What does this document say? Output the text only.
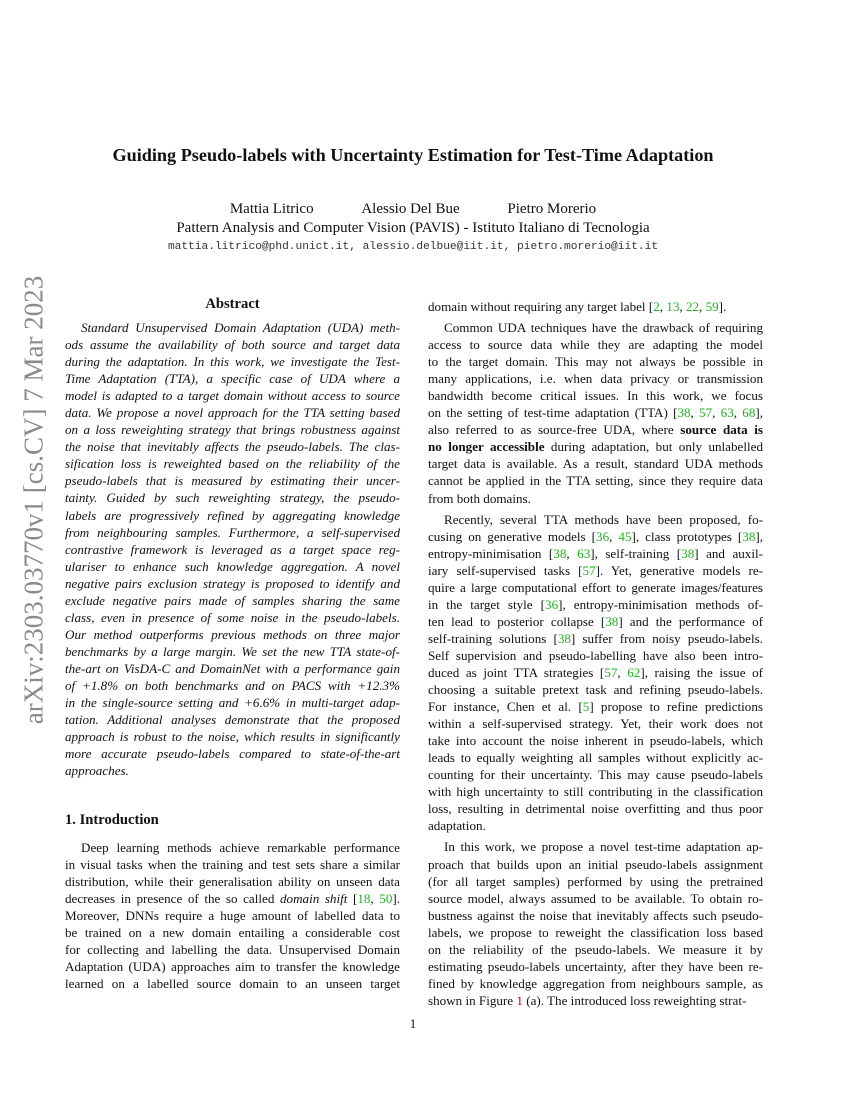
arXiv:2303.03770v1 [cs.CV] 7 Mar 2023
Guiding Pseudo-labels with Uncertainty Estimation for Test-Time Adaptation
Mattia Litrico	Alessio Del Bue	Pietro Morerio
Pattern Analysis and Computer Vision (PAVIS) - Istituto Italiano di Tecnologia
mattia.litrico@phd.unict.it, alessio.delbue@iit.it, pietro.morerio@iit.it
Abstract
Standard Unsupervised Domain Adaptation (UDA) meth-
ods assume the availability of both source and target data
during the adaptation. In this work, we investigate the Test-
Time Adaptation (TTA), a specific case of UDA where a
model is adapted to a target domain without access to source
data. We propose a novel approach for the TTA setting based
on a loss reweighting strategy that brings robustness against
the noise that inevitably affects the pseudo-labels. The clas-
sification loss is reweighted based on the reliability of the
pseudo-labels that is measured by estimating their uncer-
tainty. Guided by such reweighting strategy, the pseudo-
labels are progressively refined by aggregating knowledge
from neighbouring samples. Furthermore, a self-supervised
contrastive framework is leveraged as a target space reg-
ulariser to enhance such knowledge aggregation. A novel
negative pairs exclusion strategy is proposed to identify and
exclude negative pairs made of samples sharing the same
class, even in presence of some noise in the pseudo-labels.
Our method outperforms previous methods on three major
benchmarks by a large margin. We set the new TTA state-of-
the-art on VisDA-C and DomainNet with a performance gain
of +1.8% on both benchmarks and on PACS with +12.3%
in the single-source setting and +6.6% in multi-target adap-
tation. Additional analyses demonstrate that the proposed
approach is robust to the noise, which results in significantly
more accurate pseudo-labels compared to state-of-the-art
approaches.
1. Introduction
Deep learning methods achieve remarkable performance
in visual tasks when the training and test sets share a similar
distribution, while their generalisation ability on unseen data
decreases in presence of the so called domain shift [18, 50].
Moreover, DNNs require a huge amount of labelled data to
be trained on a new domain entailing a considerable cost
for collecting and labelling the data. Unsupervised Domain
Adaptation (UDA) approaches aim to transfer the knowledge
learned on a labelled source domain to an unseen target
domain without requiring any target label [2, 13, 22, 59].
Common UDA techniques have the drawback of requiring
access to source data while they are adapting the model
to the target domain. This may not always be possible in
many applications, i.e. when data privacy or transmission
bandwidth become critical issues. In this work, we focus
on the setting of test-time adaptation (TTA) [38, 57, 63, 68],
also referred to as source-free UDA, where source data is
no longer accessible during adaptation, but only unlabelled
target data is available. As a result, standard UDA methods
cannot be applied in the TTA setting, since they require data
from both domains.
Recently, several TTA methods have been proposed, fo-
cusing on generative models [36, 45], class prototypes [38],
entropy-minimisation [38, 63], self-training [38] and auxil-
iary self-supervised tasks [57]. Yet, generative models re-
quire a large computational effort to generate images/features
in the target style [36], entropy-minimisation methods of-
ten lead to posterior collapse [38] and the performance of
self-training solutions [38] suffer from noisy pseudo-labels.
Self supervision and pseudo-labelling have also been intro-
duced as joint TTA strategies [57, 62], raising the issue of
choosing a suitable pretext task and refining pseudo-labels.
For instance, Chen et al. [5] propose to refine predictions
within a self-supervised strategy. Yet, their work does not
take into account the noise inherent in pseudo-labels, which
leads to equally weighting all samples without explicitly ac-
counting for their uncertainty. This may cause pseudo-labels
with high uncertainty to still contributing in the classification
loss, resulting in detrimental noise overfitting and thus poor
adaptation.
In this work, we propose a novel test-time adaptation ap-
proach that builds upon an initial pseudo-labels assignment
(for all target samples) performed by using the pretrained
source model, always assumed to be available. To obtain ro-
bustness against the noise that inevitably affects such pseudo-
labels, we propose to reweight the classification loss based
on the reliability of the pseudo-labels. We measure it by
estimating pseudo-labels uncertainty, after they have been re-
fined by knowledge aggregation from neighbours sample, as
shown in Figure 1 (a). The introduced loss reweighting strat-
1
